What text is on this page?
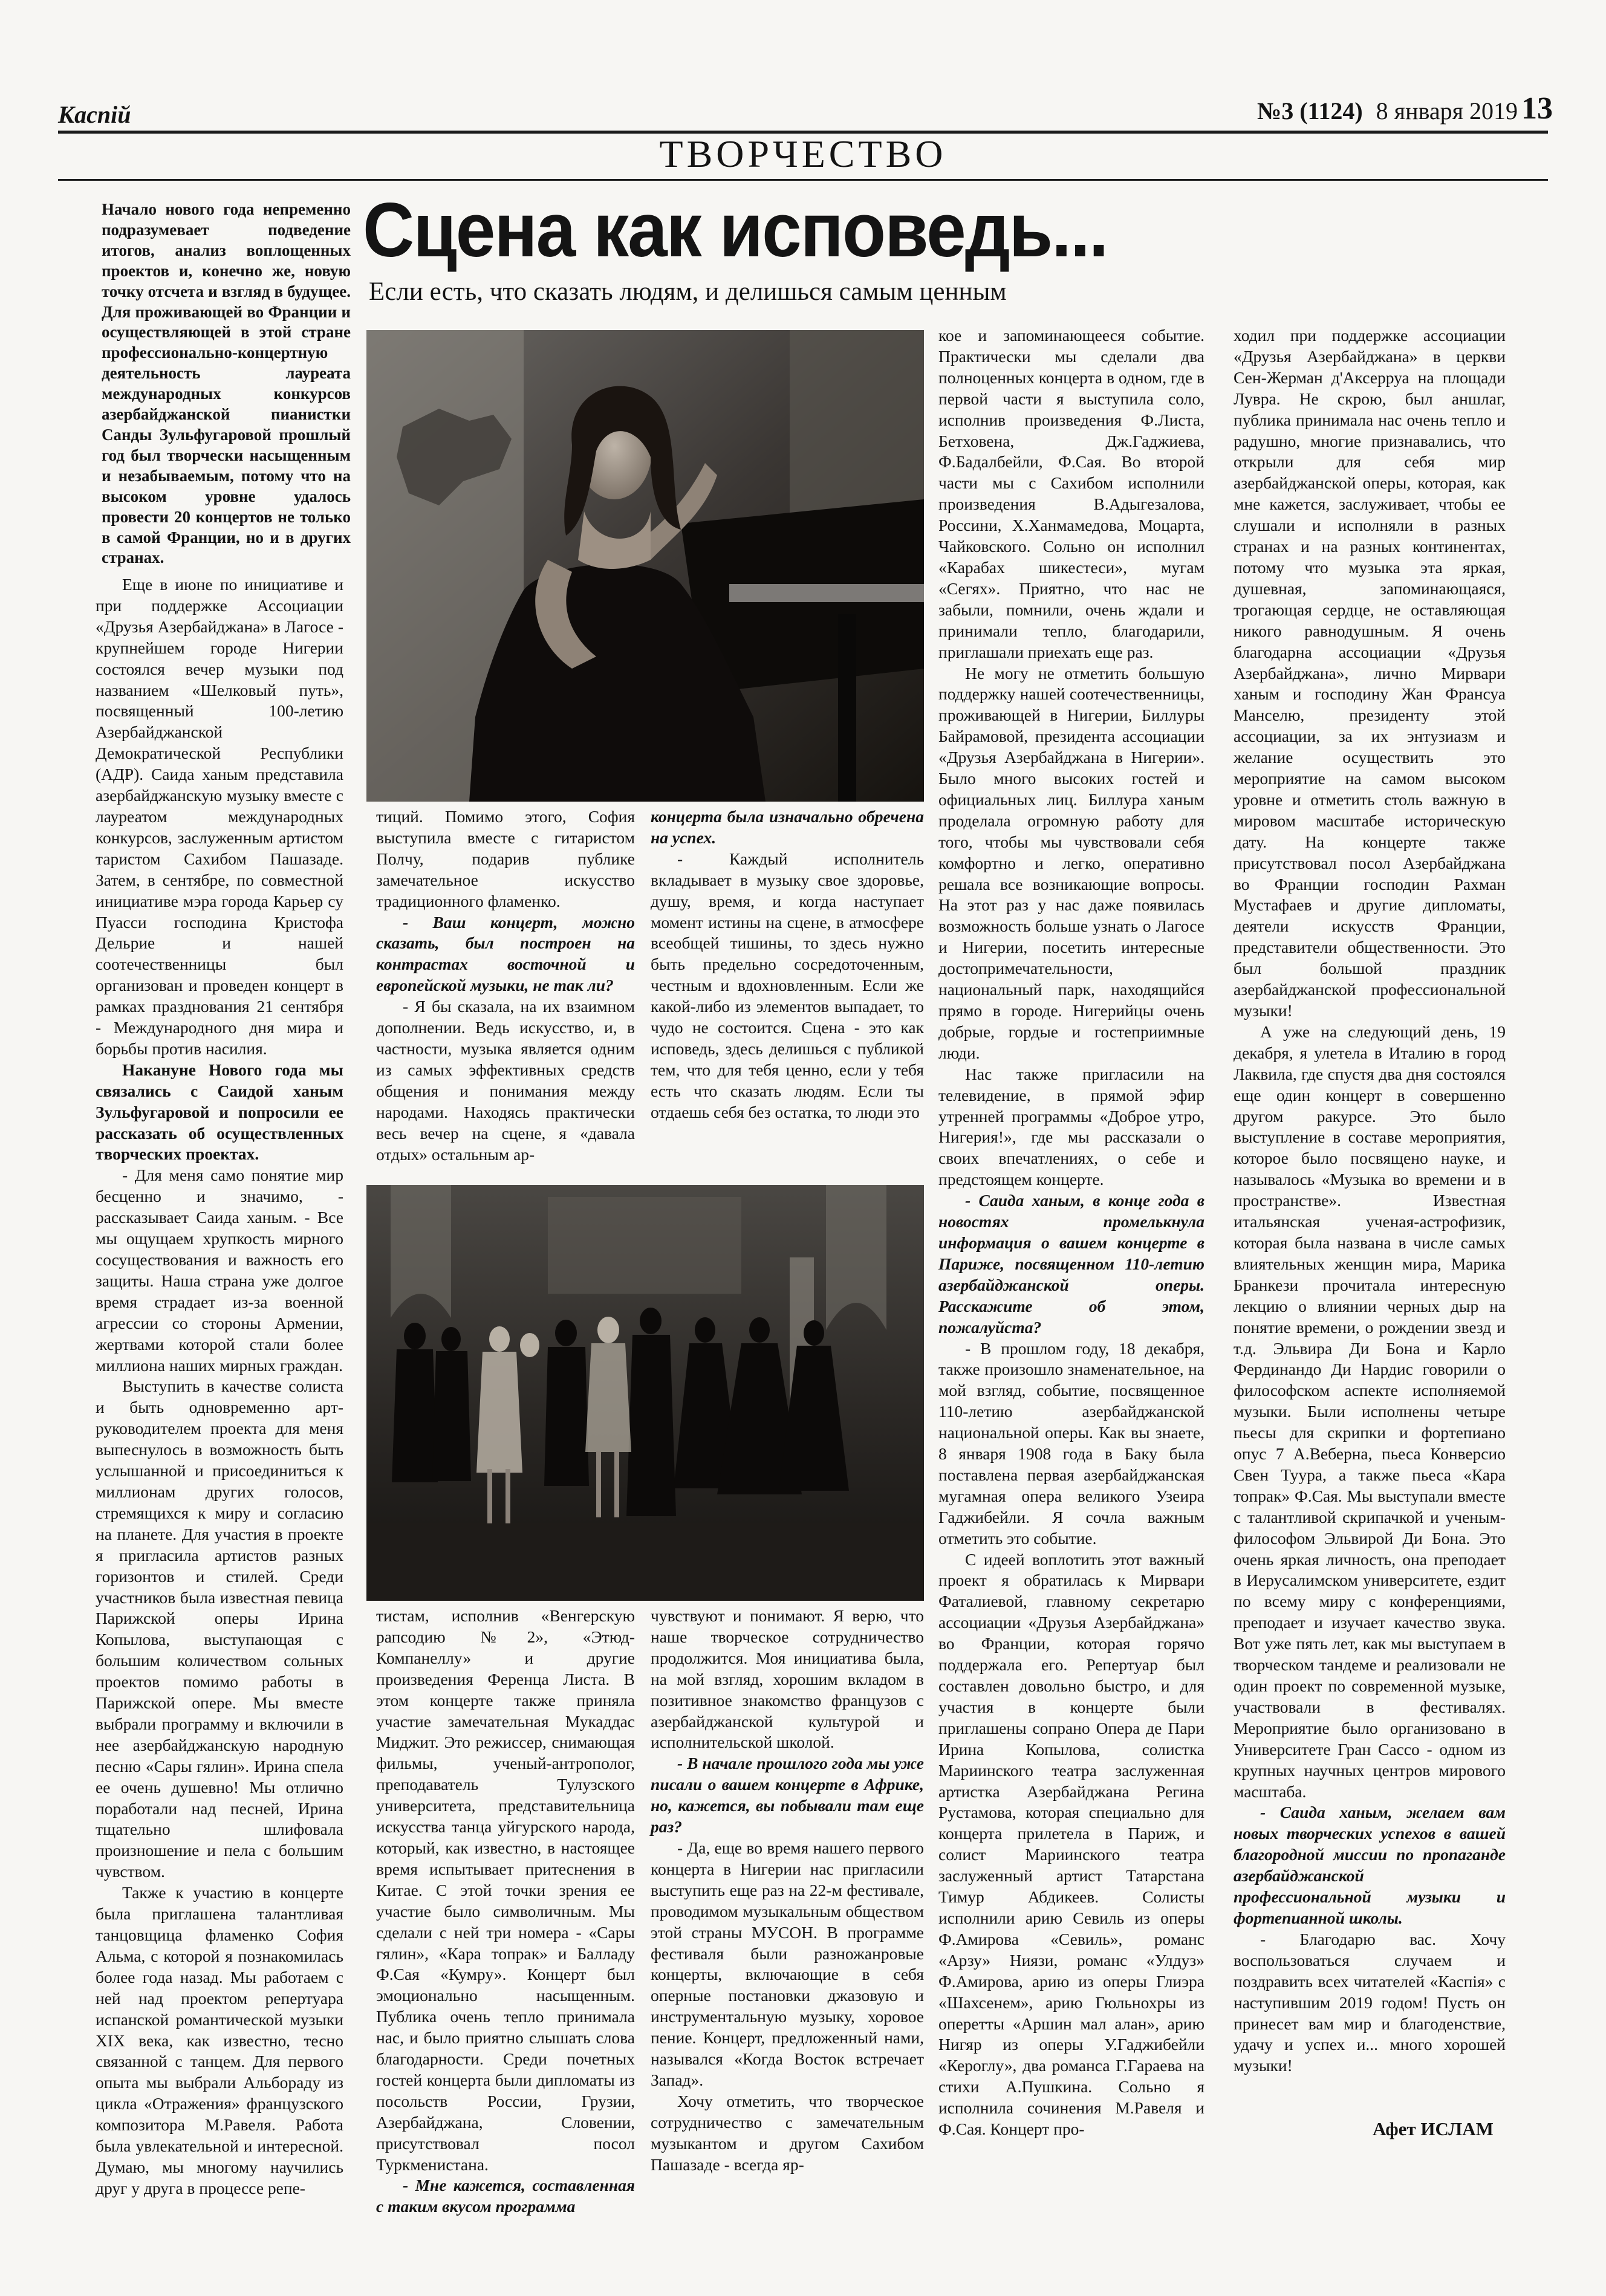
Каспiй	№3 (1124) 8 января 2019 13
ТВОРЧЕСТВО
Сцена как исповедь...
Если есть, что сказать людям, и делишься самым ценным
Начало нового года непременно подразумевает подведение итогов, анализ воплощенных проектов и, конечно же, новую точку отсчета и взгляд в будущее. Для проживающей во Франции и осуществляющей в этой стране профессионально-концертную деятельность лауреата международных конкурсов азербайджанской пианистки Санды Зульфугаровой прошлый год был творчески насыщенным и незабываемым, потому что на высоком уровне удалось провести 20 концертов не только в самой Франции, но и в других странах.

Еще в июне по инициативе и при поддержке Ассоциации «Друзья Азербайджана» в Лагосе - крупнейшем городе Нигерии состоялся вечер музыки под названием «Шелковый путь», посвященный 100-летию Азербайджанской Демократической Республики (АДР). Саида ханым представила азербайджанскую музыку вместе с лауреатом международных конкурсов, заслуженным артистом таристом Сахибом Пашазаде. Затем, в сентябре, по совместной инициативе мэра города Карьер су Пуасси господина Кристофа Дельрие и нашей соотечественницы был организован и проведен концерт в рамках празднования 21 сентября - Международного дня мира и борьбы против насилия.

Накануне Нового года мы связались с Саидой ханым Зульфугаровой и попросили ее рассказать об осуществленных творческих проектах.

- Для меня само понятие мир бесценно и значимо, - рассказывает Саида ханым. - Все мы ощущаем хрупкость мирного сосуществования и важность его защиты. Наша страна уже долгое время страдает из-за военной агрессии со стороны Армении, жертвами которой стали более миллиона наших мирных граждан.

Выступить в качестве солиста и быть одновременно арт-руководителем проекта для меня выпеснулось в возможность быть услышанной и присоединиться к миллионам других голосов, стремящихся к миру и согласию на планете. Для участия в проекте я пригласила артистов разных горизонтов и стилей. Среди участников была известная певица Парижской оперы Ирина Копылова, выступающая с большим количеством сольных проектов помимо работы в Парижской опере. Мы вместе выбрали программу и включили в нее азербайджанскую народную песню «Сары гялин». Ирина спела ее очень душевно! Мы отлично поработали над песней, Ирина тщательно шлифовала произношение и пела с большим чувством.

Также к участию в концерте была приглашена талантливая танцовщица фламенко София Альма, с которой я познакомилась более года назад. Мы работаем с ней над проектом репертуара испанской романтической музыки XIX века, как известно, тесно связанной с танцем. Для первого опыта мы выбрали Альбораду из цикла «Отражения» французского композитора М.Равеля. Работа была увлекательной и интересной. Думаю, мы многому научились друг у друга в процессе репе-

тиций. Помимо этого, София выступила вместе с гитаристом Полчу, подарив публике замечательное искусство традиционного фламенко.

- Ваш концерт, можно сказать, был построен на контрастах восточной и европейской музыки, не так ли?

- Я бы сказала, на их взаимном дополнении. Ведь искусство, и, в частности, музыка является одним из самых эффективных средств общения и понимания между народами. Находясь практически весь вечер на сцене, я «давала отдых» остальным ар-

концерта была изначально обречена на успех.

- Каждый исполнитель вкладывает в музыку свое здоровье, душу, время, и когда наступает момент истины на сцене, в атмосфере всеобщей тишины, то здесь нужно быть предельно сосредоточенным, честным и вдохновленным. Если же какой-либо из элементов выпадает, то чудо не состоится. Сцена - это как исповедь, здесь делишься с публикой тем, что для тебя ценно, если у тебя есть что сказать людям. Если ты отдаешь себя без остатка, то люди это

тистам, исполнив «Венгерскую рапсодию №2», «Этюд-Компанеллу» и другие произведения Ференца Листа. В этом концерте также приняла участие замечательная Мукаддас Миджит. Это режиссер, снимающая фильмы, ученый-антрополог, преподаватель Тулузского университета, представительница искусства танца уйгурского народа, который, как известно, в настоящее время испытывает притеснения в Китае. С этой точки зрения ее участие было символичным. Мы сделали с ней три номера - «Сары гялин», «Кара топрак» и Балладу Ф.Сая «Кумру». Концерт был эмоционально насыщенным. Публика очень тепло принимала нас, и было приятно слышать слова благодарности. Среди почетных гостей концерта были дипломаты из посольств России, Грузии, Азербайджана, Словении, присутствовал посол Туркменистана.

- Мне кажется, составленная с таким вкусом программа

чувствуют и понимают. Я верю, что наше творческое сотрудничество продолжится. Моя инициатива была, на мой взгляд, хорошим вкладом в позитивное знакомство французов с азербайджанской культурой и исполнительской школой.

- В начале прошлого года мы уже писали о вашем концерте в Африке, но, кажется, вы побывали там еще раз?

- Да, еще во время нашего первого концерта в Нигерии нас пригласили выступить еще раз на 22-м фестивале, проводимом музыкальным обществом этой страны МУСОН. В программе фестиваля были разножанровые концерты, включающие в себя оперные постановки джазовую и инструментальную музыку, хоровое пение. Концерт, предложенный нами, назывался «Когда Восток встречает Запад».

Хочу отметить, что творческое сотрудничество с замечательным музыкантом и другом Сахибом Пашазаде - всегда яр-

кое и запоминающееся событие. Практически мы сделали два полноценных концерта в одном, где в первой части я выступила соло, исполнив произведения Ф.Листа, Бетховена, Дж.Гаджиева, Ф.Бадалбейли, Ф.Сая. Во второй части мы с Сахибом исполнили произведения В.Адыгезалова, Россини, Х.Ханмамедова, Моцарта, Чайковского. Сольно он исполнил «Карабах шикестеси», мугам «Сегях». Приятно, что нас не забыли, помнили, очень ждали и принимали тепло, благодарили, приглашали приехать еще раз.

Не могу не отметить большую поддержку нашей соотечественницы, проживающей в Нигерии, Биллуры Байрамовой, президента ассоциации «Друзья Азербайджана в Нигерии». Было много высоких гостей и официальных лиц. Биллура ханым проделала огромную работу для того, чтобы мы чувствовали себя комфортно и легко, оперативно решала все возникающие вопросы. На этот раз у нас даже появилась возможность больше узнать о Лагосе и Нигерии, посетить интересные достопримечательности, национальный парк, находящийся прямо в городе. Нигерийцы очень добрые, гордые и гостеприимные люди.

Нас также пригласили на телевидение, в прямой эфир утренней программы «Доброе утро, Нигерия!», где мы рассказали о своих впечатлениях, о себе и предстоящем концерте.

- Саида ханым, в конце года в новостях промелькнула информация о вашем концерте в Париже, посвященном 110-летию азербайджанской оперы. Расскажите об этом, пожалуйста?

- В прошлом году, 18 декабря, также произошло знаменательное, на мой взгляд, событие, посвященное 110-летию азербайджанской национальной оперы. Как вы знаете, 8 января 1908 года в Баку была поставлена первая азербайджанская мугамная опера великого Узеира Гаджибейли. Я сочла важным отметить это событие.

С идеей воплотить этот важный проект я обратилась к Мирвари Фаталиевой, главному секретарю ассоциации «Друзья Азербайджана» во Франции, которая горячо поддержала его. Репертуар был составлен довольно быстро, и для участия в концерте были приглашены сопрано Опера де Пари Ирина Копылова, солистка Мариинского театра заслуженная артистка Азербайджана Регина Рустамова, которая специально для концерта прилетела в Париж, и солист Мариинского театра заслуженный артист Татарстана Тимур Абдикеев. Солисты исполнили арию Севиль из оперы Ф.Амирова «Севиль», романс «Арзу» Ниязи, романс «Улдуз» Ф.Амирова, арию из оперы Глиэра «Шахсенем», арию Гюльнохры из оперетты «Аршин мал алан», арию Нигяр из оперы У.Гаджибейли «Кероглу», два романса Г.Гараева на стихи А.Пушкина. Сольно я исполнила сочинения М.Равеля и Ф.Сая. Концерт про-

ходил при поддержке ассоциации «Друзья Азербайджана» в церкви Сен-Жерман д'Аксерруа на площади Лувра. Не скрою, был аншлаг, публика принимала нас очень тепло и радушно, многие признавались, что открыли для себя мир азербайджанской оперы, которая, как мне кажется, заслуживает, чтобы ее слушали и исполняли в разных странах и на разных континентах, потому что музыка эта яркая, душевная, запоминающаяся, трогающая сердце, не оставляющая никого равнодушным. Я очень благодарна ассоциации «Друзья Азербайджана», лично Мирвари ханым и господину Жан Франсуа Манселю, президенту этой ассоциации, за их энтузиазм и желание осуществить это мероприятие на самом высоком уровне и отметить столь важную в мировом масштабе историческую дату. На концерте также присутствовал посол Азербайджана во Франции господин Рахман Мустафаев и другие дипломаты, деятели искусств Франции, представители общественности. Это был большой праздник азербайджанской профессиональной музыки!

А уже на следующий день, 19 декабря, я улетела в Италию в город Лаквила, где спустя два дня состоялся еще один концерт в совершенно другом ракурсе. Это было выступление в составе мероприятия, которое было посвящено науке, и называлось «Музыка во времени и в пространстве». Известная итальянская ученая-астрофизик, которая была названа в числе самых влиятельных женщин мира, Марика Бранкези прочитала интересную лекцию о влиянии черных дыр на понятие времени, о рождении звезд и т.д. Эльвира Ди Бона и Карло Фердинандо Ди Нардис говорили о философском аспекте исполняемой музыки. Были исполнены четыре пьесы для скрипки и фортепиано опус 7 А.Веберна, пьеса Конверсио Свен Туура, а также пьеса «Кара топрак» Ф.Сая. Мы выступали вместе с талантливой скрипачкой и ученым-философом Эльвирой Ди Бона. Это очень яркая личность, она преподает в Иерусалимском университете, ездит по всему миру с конференциями, преподает и изучает качество звука. Вот уже пять лет, как мы выступаем в творческом тандеме и реализовали не один проект по современной музыке, участвовали в фестивалях. Мероприятие было организовано в Университете Гран Сассо - одном из крупных научных центров мирового масштаба.

- Саида ханым, желаем вам новых творческих успехов в вашей благородной миссии по пропаганде азербайджанской профессиональной музыки и фортепианной школы.

- Благодарю вас. Хочу воспользоваться случаем и поздравить всех читателей «Каспiя» с наступившим 2019 годом! Пусть он принесет вам мир и благоденствие, удачу и успех и... много хорошей музыки!

Афет ИСЛАМ
